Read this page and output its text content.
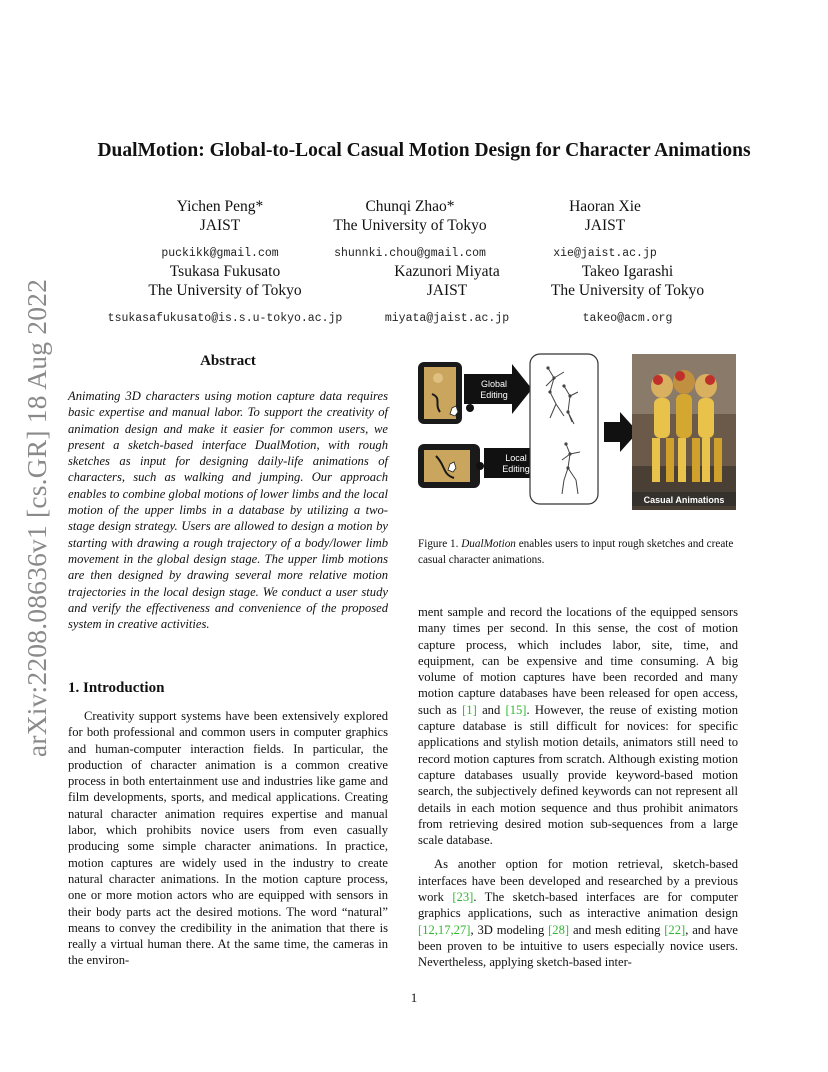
arXiv:2208.08636v1 [cs.GR] 18 Aug 2022
DualMotion: Global-to-Local Casual Motion Design for Character Animations
Yichen Peng*
JAIST
puckikk@gmail.com
Chunqi Zhao*
The University of Tokyo
shunnki.chou@gmail.com
Haoran Xie
JAIST
xie@jaist.ac.jp
Tsukasa Fukusato
The University of Tokyo
tsukasafukusato@is.s.u-tokyo.ac.jp
Kazunori Miyata
JAIST
miyata@jaist.ac.jp
Takeo Igarashi
The University of Tokyo
takeo@acm.org
Abstract
Animating 3D characters using motion capture data requires basic expertise and manual labor. To support the creativity of animation design and make it easier for common users, we present a sketch-based interface DualMotion, with rough sketches as input for designing daily-life animations of characters, such as walking and jumping. Our approach enables to combine global motions of lower limbs and the local motion of the upper limbs in a database by utilizing a two-stage design strategy. Users are allowed to design a motion by starting with drawing a rough trajectory of a body/lower limb movement in the global design stage. The upper limb motions are then designed by drawing several more relative motion trajectories in the local design stage. We conduct a user study and verify the effectiveness and convenience of the proposed system in creative activities.
1. Introduction

Creativity support systems have been extensively explored for both professional and common users in computer graphics and human-computer interaction fields. In particular, the production of character animation is a common creative process in both entertainment use and industries like game and film developments, sports, and medical applications. Creating natural character animation requires expertise and manual labor, which prohibits novice users from even casually producing some simple character animations. In practice, motion captures are widely used in the industry to create natural character animations. In the motion capture process, one or more motion actors who are equipped with sensors in their body parts act the desired motions. The word “natural” means to convey the credibility in the animation that there is really a virtual human there. At the same time, the cameras in the environ-

Global
Editing
Local
Editing
Casual Animations
Figure 1. DualMotion enables users to input rough sketches and create casual character animations.

ment sample and record the locations of the equipped sensors many times per second. In this sense, the cost of motion capture process, which includes labor, site, time, and equipment, can be expensive and time consuming. A big volume of motion captures have been recorded and many motion capture databases have been released for open access, such as [1] and [15]. However, the reuse of existing motion capture database is still difficult for novices: for specific applications and stylish motion details, animators still need to record motion captures from scratch. Although existing motion capture databases usually provide keyword-based motion search, the subjectively defined keywords can not represent all details in each motion sequence and thus prohibit animators from retrieving desired motion sub-sequences from a large scale database.

As another option for motion retrieval, sketch-based interfaces have been developed and researched by a previous work [23]. The sketch-based interfaces are for computer graphics applications, such as interactive animation design [12,17,27], 3D modeling [28] and mesh editing [22], and have been proven to be intuitive to users especially novice users. Nevertheless, applying sketch-based inter-

1
